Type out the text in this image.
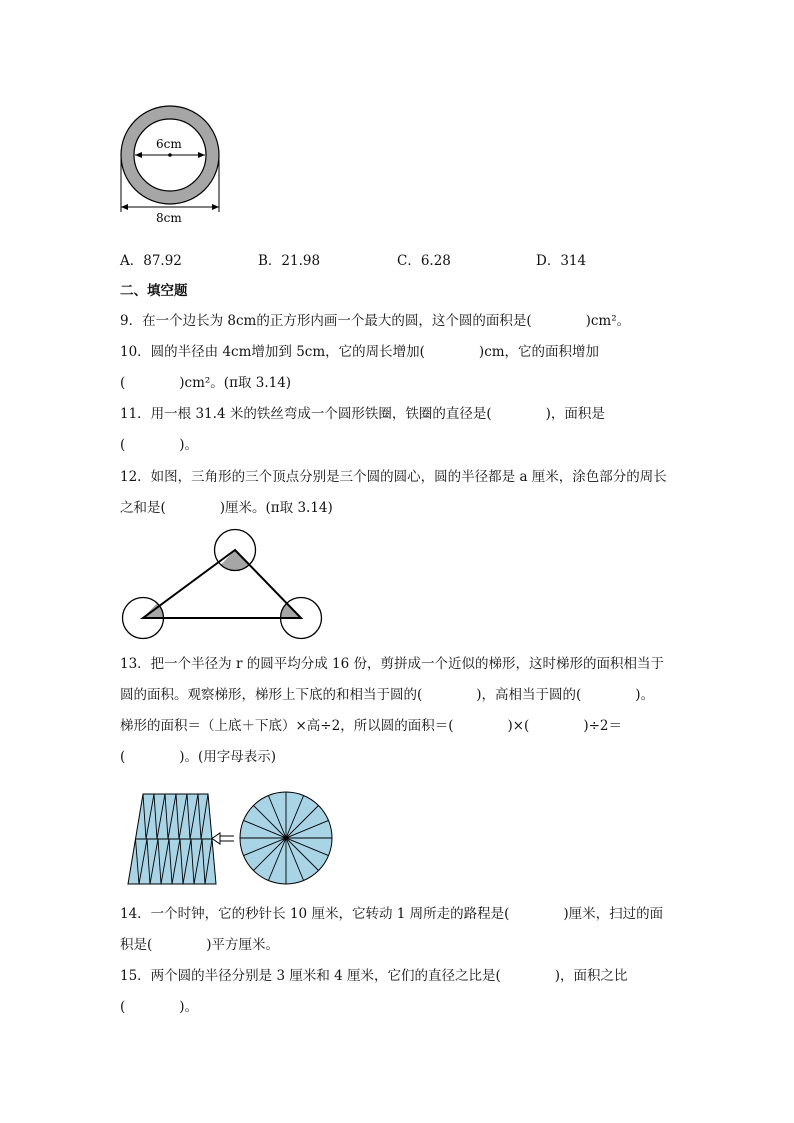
6cm
8cm
A．87.92	B．21.98	C．6.28	D．314
二、填空题
9．在一个边长为 8cm的正方形内画一个最大的圆，这个圆的面积是(　　　　)cm²。
10．圆的半径由 4cm增加到 5cm，它的周长增加(　　　　)cm，它的面积增加
(　　　　)cm²。(π取 3.14)
11．用一根 31.4 米的铁丝弯成一个圆形铁圈，铁圈的直径是(　　　　)，面积是
(　　　　)。
12．如图，三角形的三个顶点分别是三个圆的圆心，圆的半径都是 a 厘米，涂色部分的周长
之和是(　　　　)厘米。(π取 3.14)
13．把一个半径为 r 的圆平均分成 16 份，剪拼成一个近似的梯形，这时梯形的面积相当于
圆的面积。观察梯形，梯形上下底的和相当于圆的(　　　　)，高相当于圆的(　　　　)。
梯形的面积＝（上底＋下底）×高÷2，所以圆的面积＝(　　　　)×(　　　　)÷2＝
(　　　　)。(用字母表示)
14．一个时钟，它的秒针长 10 厘米，它转动 1 周所走的路程是(　　　　)厘米，扫过的面
积是(　　　　)平方厘米。
15．两个圆的半径分别是 3 厘米和 4 厘米，它们的直径之比是(　　　　)，面积之比
(　　　　)。
